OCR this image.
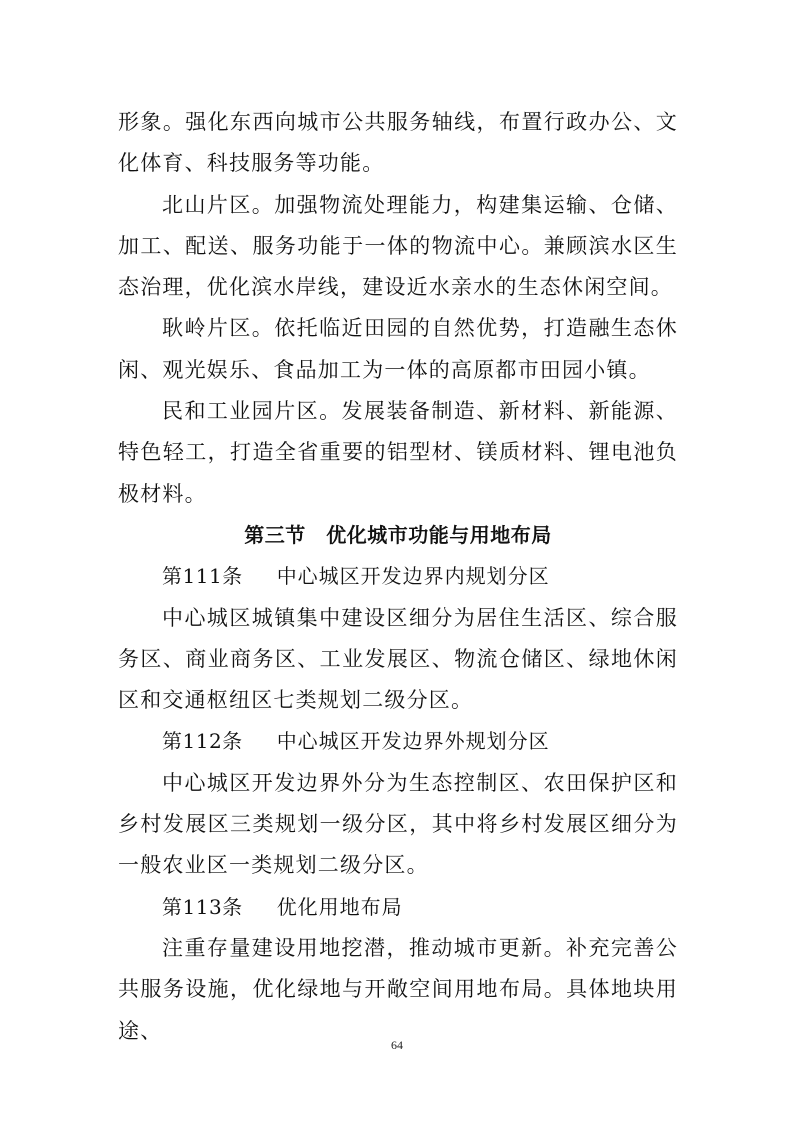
形象。强化东西向城市公共服务轴线，布置行政办公、文化体育、科技服务等功能。

北山片区。加强物流处理能力，构建集运输、仓储、加工、配送、服务功能于一体的物流中心。兼顾滨水区生态治理，优化滨水岸线，建设近水亲水的生态休闲空间。

耿岭片区。依托临近田园的自然优势，打造融生态休闲、观光娱乐、食品加工为一体的高原都市田园小镇。

民和工业园片区。发展装备制造、新材料、新能源、特色轻工，打造全省重要的铝型材、镁质材料、锂电池负极材料。

第三节　优化城市功能与用地布局
第111条 中心城区开发边界内规划分区

中心城区城镇集中建设区细分为居住生活区、综合服务区、商业商务区、工业发展区、物流仓储区、绿地休闲区和交通枢纽区七类规划二级分区。

第112条 中心城区开发边界外规划分区

中心城区开发边界外分为生态控制区、农田保护区和乡村发展区三类规划一级分区，其中将乡村发展区细分为一般农业区一类规划二级分区。

第113条 优化用地布局

注重存量建设用地挖潜，推动城市更新。补充完善公共服务设施，优化绿地与开敞空间用地布局。具体地块用途、

64
